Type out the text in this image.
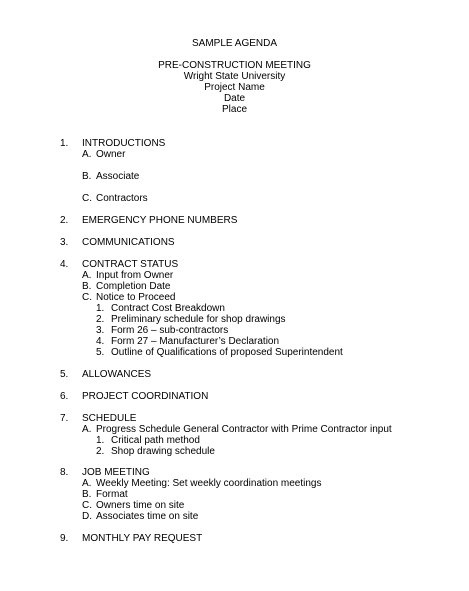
SAMPLE AGENDA
PRE-CONSTRUCTION MEETING
Wright State University
Project Name
Date
Place
1. INTRODUCTIONS
A. Owner
B. Associate
C. Contractors
2. EMERGENCY PHONE NUMBERS
3. COMMUNICATIONS
4. CONTRACT STATUS
A. Input from Owner
B. Completion Date
C. Notice to Proceed
1. Contract Cost Breakdown
2. Preliminary schedule for shop drawings
3. Form 26 – sub-contractors
4. Form 27 – Manufacturer’s Declaration
5. Outline of Qualifications of proposed Superintendent
5. ALLOWANCES
6. PROJECT COORDINATION
7. SCHEDULE
A. Progress Schedule General Contractor with Prime Contractor input
1. Critical path method
2. Shop drawing schedule
8. JOB MEETING
A. Weekly Meeting: Set weekly coordination meetings
B. Format
C. Owners time on site
D. Associates time on site
9. MONTHLY PAY REQUEST
